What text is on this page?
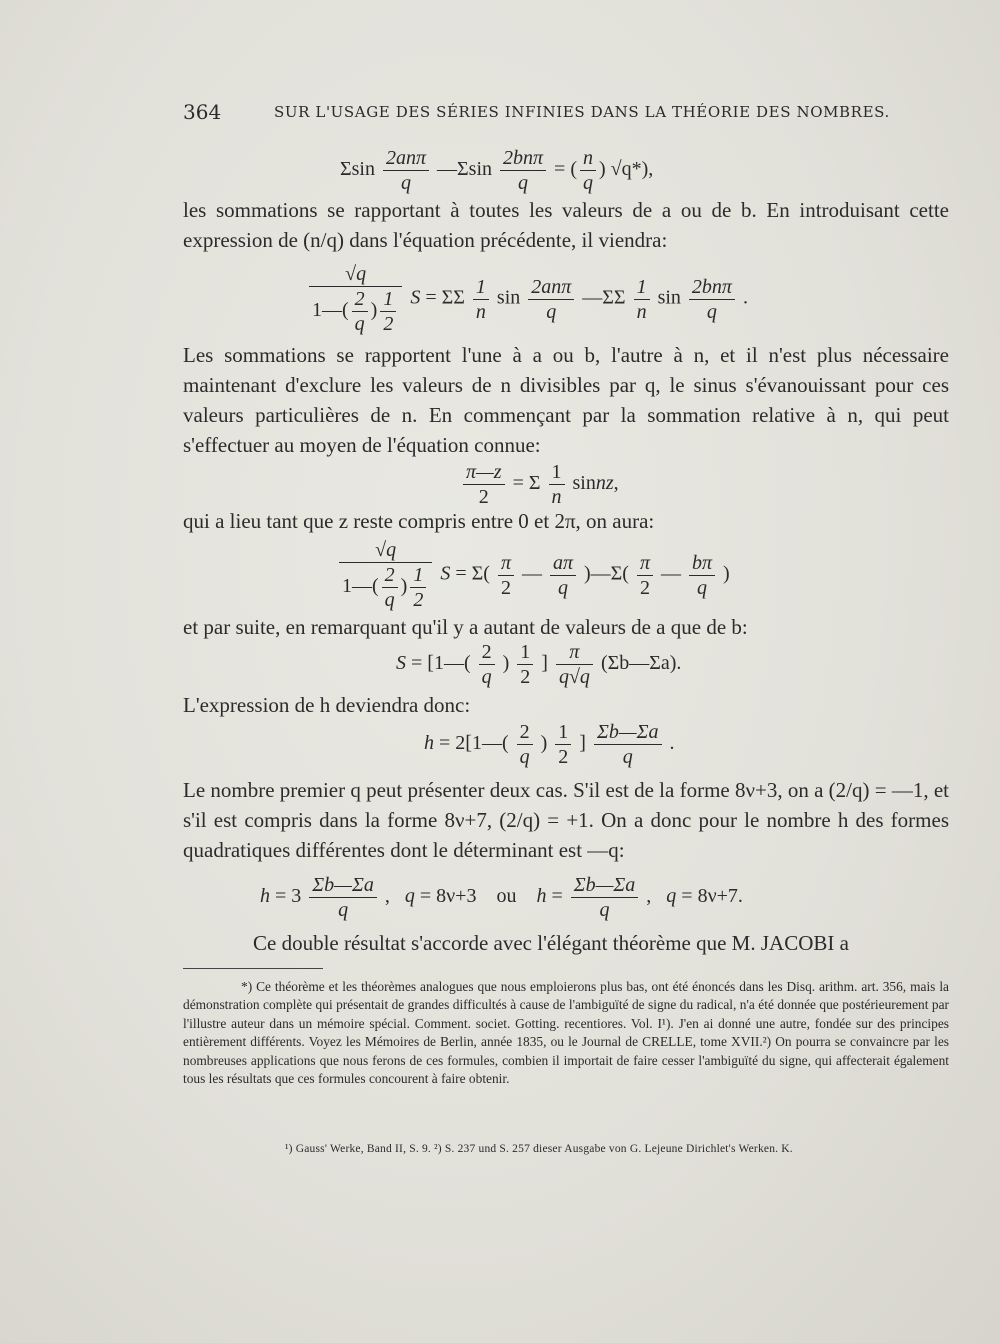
364	SUR L'USAGE DES SÉRIES INFINIES DANS LA THÉORIE DES NOMBRES.
Σsin $\frac{\text{2anπ}}{q}$ —Σsin $\frac{\text{2bnπ}}{q}$ = ( $\frac{n}{q}$ ) √q*),

les sommations se rapportant à toutes les valeurs de a ou de b. En introduisant cette expression de (n/q) dans l'équation précédente, il viendra:

$\frac{√q}{1—( \frac{2}{q} ) \frac{1}{2}}$ S = ΣΣ $\frac{1}{n}$ $\sin \frac{\text{2anπ}}{q}$ —ΣΣ $\frac{1}{n}$ $\sin \frac{\text{2bnπ}}{q}$ .

Les sommations se rapportent l'une à a ou b, l'autre à n, et il n'est plus nécessaire maintenant d'exclure les valeurs de n divisibles par q, le sinus s'évanouissant pour ces valeurs particulières de n. En commençant par la sommation relative à n, qui peut s'effectuer au moyen de l'équation connue:

$\frac{\pi—z}{2} = \Sigma \frac{1}{n}$ sinnz,

qui a lieu tant que z reste compris entre 0 et 2π, on aura:

$\frac{√q}{1—( \frac{2}{q} ) \frac{1}{2}}$ $S = \Sigma( \frac{\pi}{2}$ — $\frac{a\pi}{q}$ )—Σ( $\frac{\pi}{2}$ — $\frac{b\pi}{q}$ )

et par suite, en remarquant qu'il y a autant de valeurs de a que de b:

S = [1—( $\frac{2}{q}$ ) $\frac{1}{2}$ ] $\frac{\pi}{q√q}$ (Σb—Σa).

L'expression de h deviendra donc:

h = 2[1—( $\frac{2}{q}$ ) $\frac{1}{2}$ ] $\frac{\Sigma b—\Sigma a}{q}$ .

Le nombre premier q peut présenter deux cas. S'il est de la forme 8ν+3, on a (2/q) = —1, et s'il est compris dans la forme 8ν+7, (2/q) = +1. On a donc pour le nombre h des formes quadratiques différentes dont le déterminant est —q:

$h = 3 \frac{\Sigma b—\Sigma a}{q}$ ,   q = 8ν+3    ou    $h = \frac{\Sigma b—\Sigma a}{q}$ ,   q = 8ν+7.

Ce double résultat s'accorde avec l'élégant théorème que M. JACOBI a

*) Ce théorème et les théorèmes analogues que nous emploierons plus bas, ont été énoncés dans les Disq. arithm. art. 356, mais la démonstration complète qui présentait de grandes difficultés à cause de l'ambiguïté de signe du radical, n'a été donnée que postérieurement par l'illustre auteur dans un mémoire spécial. Comment. societ. Gotting. recentiores. Vol. I¹). J'en ai donné une autre, fondée sur des principes entièrement différents. Voyez les Mémoires de Berlin, année 1835, ou le Journal de CRELLE, tome XVII.²) On pourra se convaincre par les nombreuses applications que nous ferons de ces formules, combien il importait de faire cesser l'ambiguïté du signe, qui affecterait également tous les résultats que ces formules concourent à faire obtenir.

¹) Gauss' Werke, Band II, S. 9. ²) S. 237 und S. 257 dieser Ausgabe von G. Lejeune Dirichlet's Werken. K.
